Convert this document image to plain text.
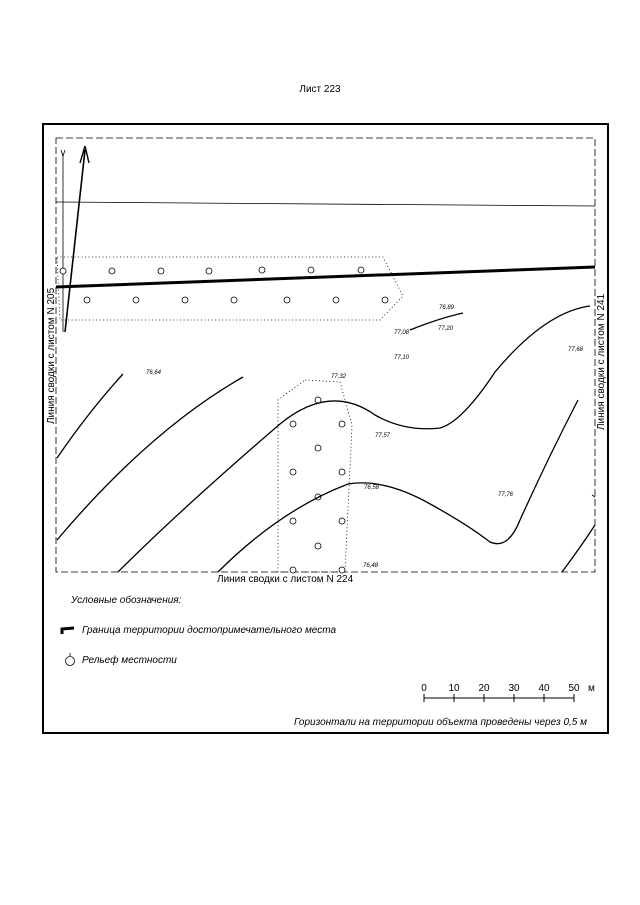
Лист 223
76,89
77,20
77,08
77,10
76,64
77,68
77,32
77,57
76,58
77,76
76,48
Линия сводки с листом N 224
Линия сводки с листом N 205	Линия сводки с листом N 241
Условные обозначения:
Граница территории достопримечательного места
Рельеф местности
0 10 20 30 40 50 м
Горизонтали на территории объекта проведены через 0,5 м
